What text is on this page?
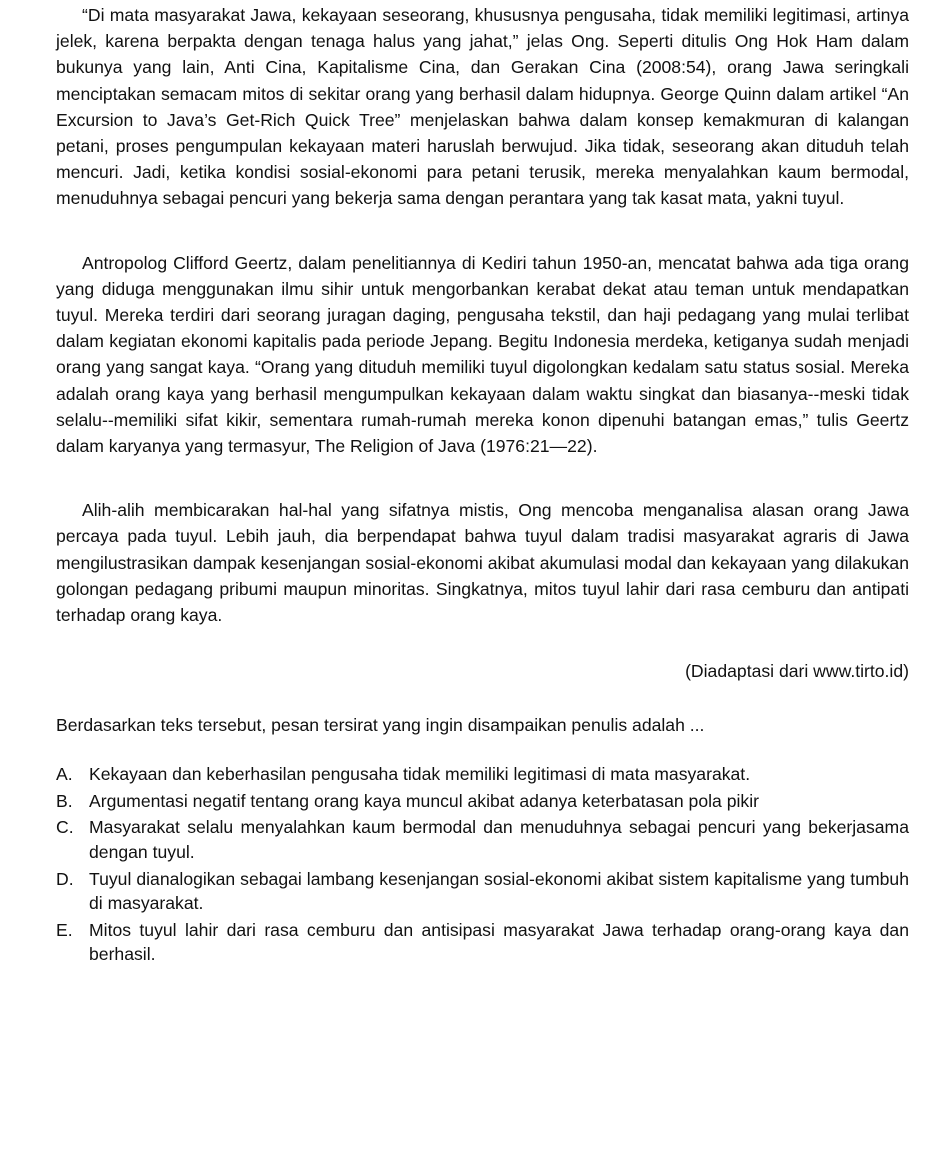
“Di mata masyarakat Jawa, kekayaan seseorang, khususnya pengusaha, tidak memiliki legitimasi, artinya jelek, karena berpakta dengan tenaga halus yang jahat,” jelas Ong. Seperti ditulis Ong Hok Ham dalam bukunya yang lain, Anti Cina, Kapitalisme Cina, dan Gerakan Cina (2008:54), orang Jawa seringkali menciptakan semacam mitos di sekitar orang yang berhasil dalam hidupnya. George Quinn dalam artikel “An Excursion to Java’s Get-Rich Quick Tree” menjelaskan bahwa dalam konsep kemakmuran di kalangan petani, proses pengumpulan kekayaan materi haruslah berwujud. Jika tidak, seseorang akan dituduh telah mencuri. Jadi, ketika kondisi sosial-ekonomi para petani terusik, mereka menyalahkan kaum bermodal, menuduhnya sebagai pencuri yang bekerja sama dengan perantara yang tak kasat mata, yakni tuyul.

Antropolog Clifford Geertz, dalam penelitiannya di Kediri tahun 1950-an, mencatat bahwa ada tiga orang yang diduga menggunakan ilmu sihir untuk mengorbankan kerabat dekat atau teman untuk mendapatkan tuyul. Mereka terdiri dari seorang juragan daging, pengusaha tekstil, dan haji pedagang yang mulai terlibat dalam kegiatan ekonomi kapitalis pada periode Jepang. Begitu Indonesia merdeka, ketiganya sudah menjadi orang yang sangat kaya. “Orang yang dituduh memiliki tuyul digolongkan kedalam satu status sosial. Mereka adalah orang kaya yang berhasil mengumpulkan kekayaan dalam waktu singkat dan biasanya--meski tidak selalu--memiliki sifat kikir, sementara rumah-rumah mereka konon dipenuhi batangan emas,” tulis Geertz dalam karyanya yang termasyur, The Religion of Java (1976:21—22).

Alih-alih membicarakan hal-hal yang sifatnya mistis, Ong mencoba menganalisa alasan orang Jawa percaya pada tuyul. Lebih jauh, dia berpendapat bahwa tuyul dalam tradisi masyarakat agraris di Jawa mengilustrasikan dampak kesenjangan sosial-ekonomi akibat akumulasi modal dan kekayaan yang dilakukan golongan pedagang pribumi maupun minoritas. Singkatnya, mitos tuyul lahir dari rasa cemburu dan antipati terhadap orang kaya.

(Diadaptasi dari www.tirto.id)

Berdasarkan teks tersebut, pesan tersirat yang ingin disampaikan penulis adalah ...

A. Kekayaan dan keberhasilan pengusaha tidak memiliki legitimasi di mata masyarakat.
B. Argumentasi negatif tentang orang kaya muncul akibat adanya keterbatasan pola pikir
C. Masyarakat selalu menyalahkan kaum bermodal dan menuduhnya sebagai pencuri yang bekerjasama dengan tuyul.
D. Tuyul dianalogikan sebagai lambang kesenjangan sosial-ekonomi akibat sistem kapitalisme yang tumbuh di masyarakat.
E. Mitos tuyul lahir dari rasa cemburu dan antisipasi masyarakat Jawa terhadap orang-orang kaya dan berhasil.
